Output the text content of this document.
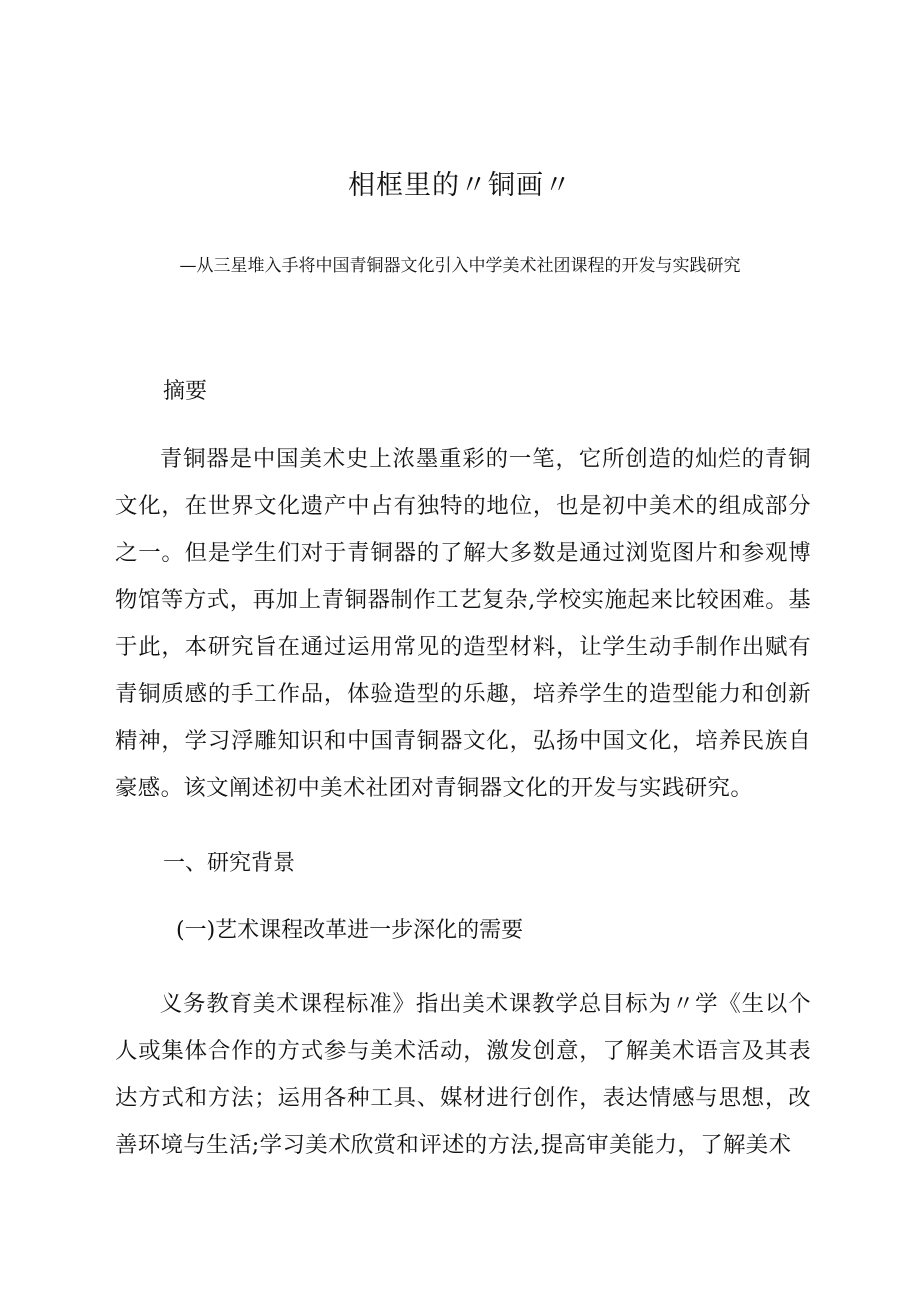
相框里的〃铜画〃
—从三星堆入手将中国青铜器文化引入中学美术社团课程的开发与实践研究
摘要

青铜器是中国美术史上浓墨重彩的一笔，它所创造的灿烂的青铜文化，在世界文化遗产中占有独特的地位，也是初中美术的组成部分之一。但是学生们对于青铜器的了解大多数是通过浏览图片和参观博物馆等方式，再加上青铜器制作工艺复杂,学校实施起来比较困难。基于此，本研究旨在通过运用常见的造型材料，让学生动手制作出赋有青铜质感的手工作品，体验造型的乐趣，培养学生的造型能力和创新精神，学习浮雕知识和中国青铜器文化，弘扬中国文化，培养民族自豪感。该文阐述初中美术社团对青铜器文化的开发与实践研究。

一、研究背景
(一)艺术课程改革进一步深化的需要

义务教育美术课程标准》指出美术课教学总目标为〃学《生以个人或集体合作的方式参与美术活动，激发创意，了解美术语言及其表达方式和方法；运用各种工具、媒材进行创作，表达情感与思想，改善环境与生活;学习美术欣赏和评述的方法,提高审美能力，了解美术
